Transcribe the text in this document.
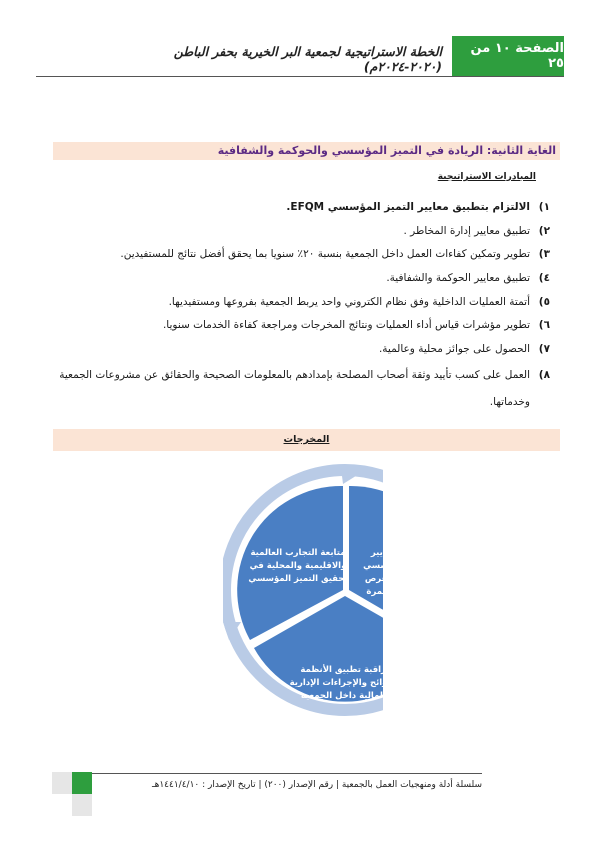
الصفحة ١٠ من ٢٥
الخطة الاستراتيجية لجمعية البر الخيرية بحفر الباطن (٢٠٢٠-٢٠٢٤م)
الغاية الثانية: الريادة في التميز المؤسسي والحوكمة والشفافية
المبادرات الاستراتيجية
١)
الالتزام بتطبيق معايير التميز المؤسسي EFQM.
٢)
تطبيق معايير إدارة المخاطر .
٣)
تطوير وتمكين كفاءات العمل داخل الجمعية بنسبة ٢٠٪ سنويا بما يحقق أفضل نتائج للمستفيدين.
٤)
تطبيق معايير الحوكمة والشفافية.
٥)
أتمتة العمليات الداخلية وفق نظام الكتروني واحد يربط الجمعية بفروعها ومستفيديها.
٦)
تطوير مؤشرات قياس أداء العمليات ونتائج المخرجات ومراجعة كفاءة الخدمات سنويا.
٧)
الحصول على جوائز محلية وعالمية.
٨)
العمل على كسب تأييد وثقة أصحاب المصلحة بإمدادهم بالمعلومات الصحيحة والحقائق عن مشروعات الجمعية وخدماتها.
المخرجات
تطبيق معايير
التميز المؤسسي
وتحسين الفرص
بصورة مستمرة
متابعة التجارب العالمية
والاقليمية والمحلية في
تحقيق التميز المؤسسي
مراقبة تطبيق الأنظمة
واللوائح والإجراءات الإدارية
والمالية داخل الجمعية
سلسلة أدلة ومنهجيات العمل بالجمعية | رقم الإصدار (٢٠٠) | تاريخ الإصدار : ١٤٤١/٤/١٠هـ
